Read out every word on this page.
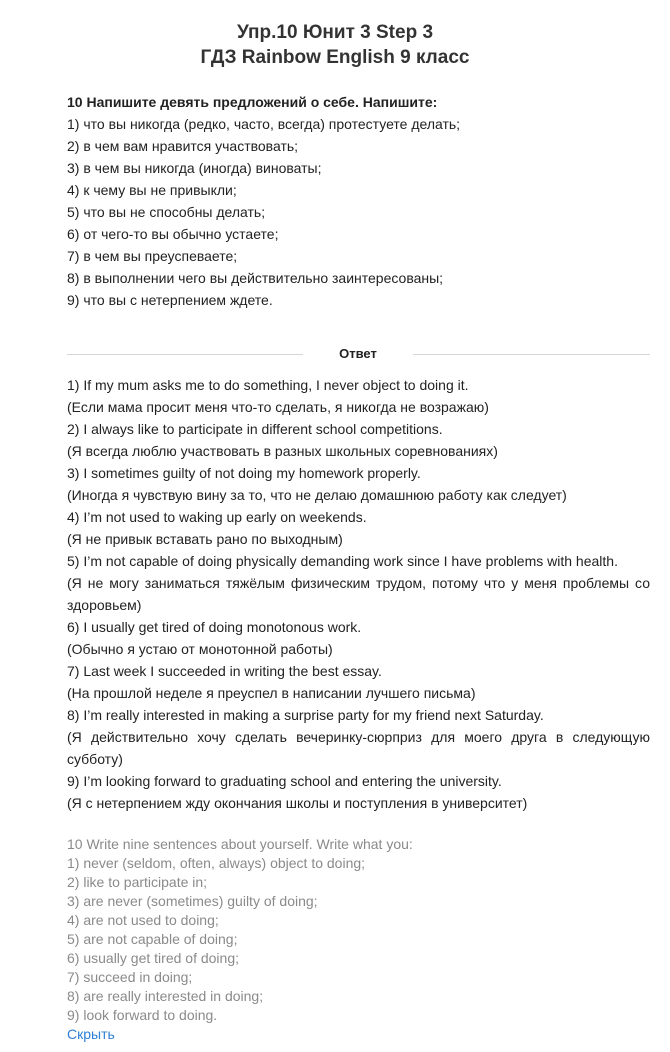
Упр.10 Юнит 3 Step 3
ГДЗ Rainbow English 9 класс
10 Напишите девять предложений о себе. Напишите:
1) что вы никогда (редко, часто, всегда) протестуете делать;
2) в чем вам нравится участвовать;
3) в чем вы никогда (иногда) виноваты;
4) к чему вы не привыкли;
5) что вы не способны делать;
6) от чего-то вы обычно устаете;
7) в чем вы преуспеваете;
8) в выполнении чего вы действительно заинтересованы;
9) что вы с нетерпением ждете.
Ответ
1) If my mum asks me to do something, I never object to doing it.
(Если мама просит меня что-то сделать, я никогда не возражаю)
2) I always like to participate in different school competitions.
(Я всегда люблю участвовать в разных школьных соревнованиях)
3) I sometimes guilty of not doing my homework properly.
(Иногда я чувствую вину за то, что не делаю домашнюю работу как следует)
4) I’m not used to waking up early on weekends.
(Я не привык вставать рано по выходным)
5) I’m not capable of doing physically demanding work since I have problems with health.
(Я не могу заниматься тяжёлым физическим трудом, потому что у меня проблемы со здоровьем)
6) I usually get tired of doing monotonous work.
(Обычно я устаю от монотонной работы)
7) Last week I succeeded in writing the best essay.
(На прошлой неделе я преуспел в написании лучшего письма)
8) I’m really interested in making a surprise party for my friend next Saturday.
(Я действительно хочу сделать вечеринку-сюрприз для моего друга в следующую субботу)
9) I’m looking forward to graduating school and entering the university.
(Я с нетерпением жду окончания школы и поступления в университет)
10 Write nine sentences about yourself. Write what you:
1) never (seldom, often, always) object to doing;
2) like to participate in;
3) are never (sometimes) guilty of doing;
4) are not used to doing;
5) are not capable of doing;
6) usually get tired of doing;
7) succeed in doing;
8) are really interested in doing;
9) look forward to doing.
Скрыть
